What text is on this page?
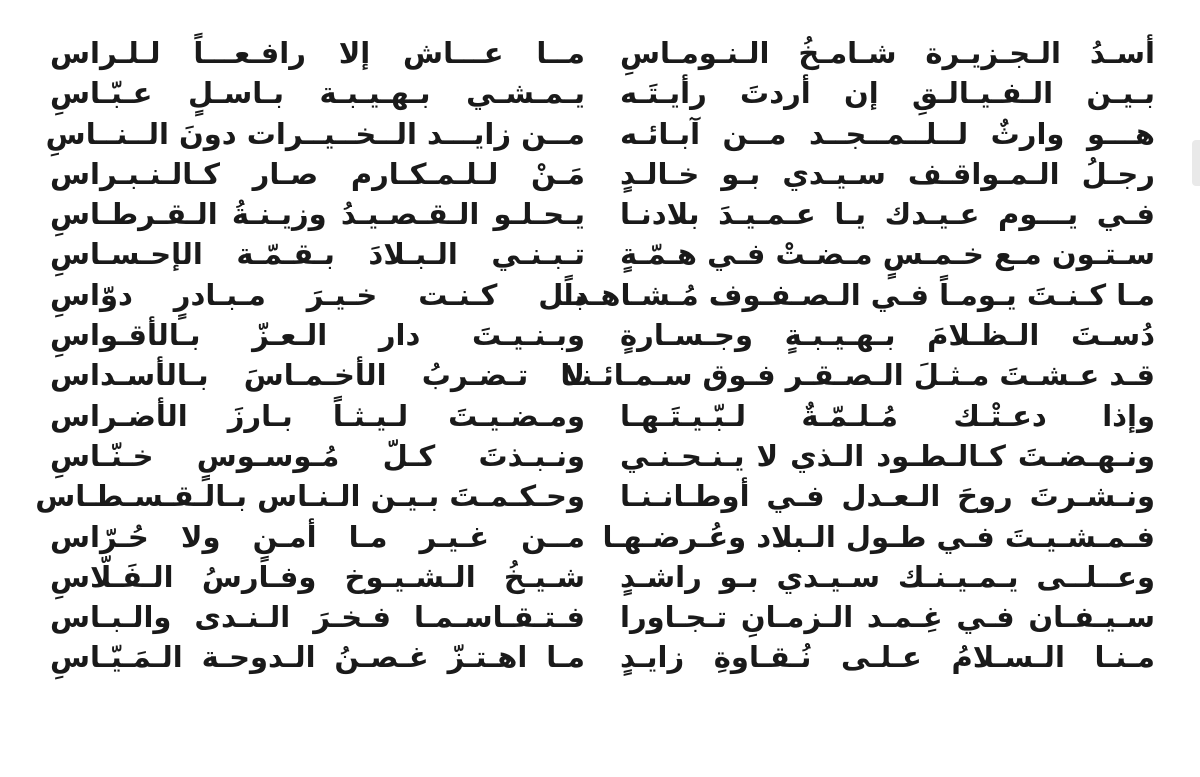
أسـدُ الـجـزيـرة شـامـخُ الـنـومـاسِ
بـيـن الـفـيـالـقِ إن أردتَ رأيـتَـه
هـــو وارثٌ لــلــمــجــد مــن آبـائـه
رجـلُ الـمـواقـف سـيـدي بـو خـالـدٍ
فـي يـــوم عـيـدك يـا عـمـيـدَ بلادنـا
سـتـون مـع خـمـسٍ مـضـتْ فـي هـمّـةٍ
مـا كـنـتَ يـومـاً فـي الـصـفـوف مُـشـاهـداً
دُسـتَ الـظـلامَ بـهـيـبـةٍ وجـسـارةٍ
قـد عـشـتَ مـثـلَ الـصـقـر فـوق سـمـائـنـا
وإذا دعـتْـك مُـلـمّـةٌ لـبّـيـتَـهـا
ونـهـضـتَ كـالـطـود الـذي لا يـنـحـنـي
ونـشـرتَ روحَ الـعـدل فـي أوطـانـنـا
فـمـشـيـتَ فـي طـول الـبلاد وعُـرضـهـا
وعــلــى يـمـيـنـك سـيـدي بـو راشـدٍ
سـيـفـان فـي غِـمـد الـزمـانِ تـجـاورا
مـنـا الـسـلامُ عـلـى نُـقـاوةِ زايـدٍ
مــا عـــاش إلا رافـعـــاً لـلـراس
يـمـشـي بـهـيـبـة بـاسـلٍ عـبّـاسِ
مــن زايـــد الــخــيــرات دونَ الــنــاسِ
مَـنْ لـلـمـكـارم صـار كـالـنـبـراس
يـحـلـو الـقـصـيـدُ وزيـنـةُ الـقـرطـاسِ
تـبـنـي الـبـلادَ بـقـمّـة الإحـسـاسِ
بـل كـنـت خـيـرَ مـبـادرٍ دوّاسِ
وبـنـيـتَ دار الـعـزّ بـالأقـواسِ
لا تـضـربُ الأخـمـاسَ بـالأسـداس
ومـضـيـتَ لـيـثـاً بـارزَ الأضـراس
ونـبـذتَ كـلّ مُـوسـوسٍ خـنّـاسِ
وحـكـمـتَ بـيـن الـنـاس بـالـقـسـطـاس
مــن غـيـر مـا أمـنٍ ولا حُـرّاس
شـيـخُ الـشـيـوخ وفـارسُ الـفَـلّاسِ
فـتـقـاسـمـا فـخـرَ الـنـدى والـبـاس
مـا اهـتـزّ غـصـنُ الـدوحـة الـمَـيّـاسِ
